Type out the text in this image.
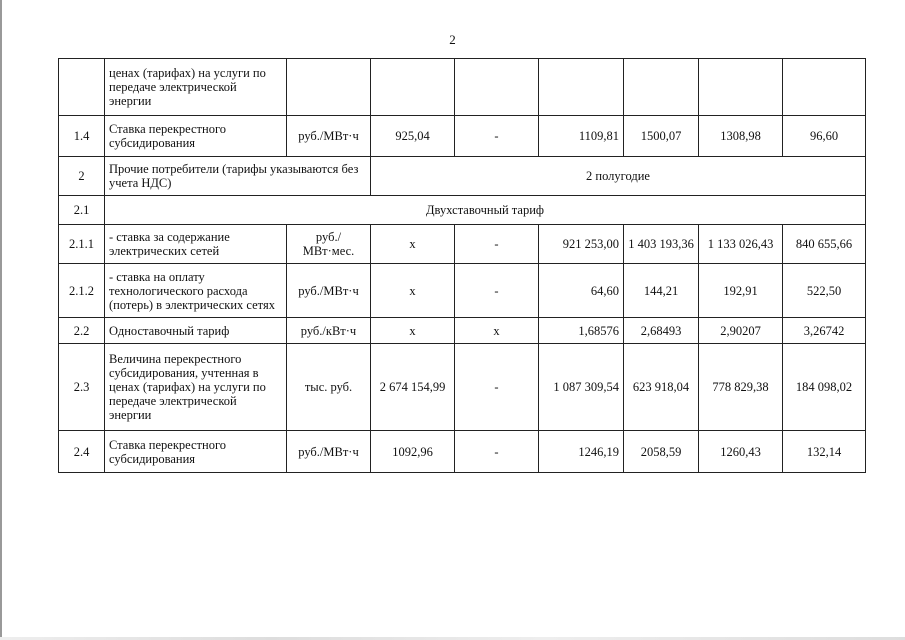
2
	ценах (тарифах) на услуги по передаче электрической энергии							
1.4	Ставка перекрестного субсидирования	руб./МВт·ч	925,04	-	1109,81	1500,07	1308,98	96,60
2	Прочие потребители (тарифы указываются без учета НДС)		2 полугодие					
2.1	Двухставочный тариф							
2.1.1	- ставка за содержание электрических сетей	руб./МВт·мес.	х	-	921 253,00	1 403 193,36	1 133 026,43	840 655,66
2.1.2	- ставка на оплату технологического расхода (потерь) в электрических сетях	руб./МВт·ч	х	-	64,60	144,21	192,91	522,50
2.2	Одноставочный тариф	руб./кВт·ч	х	х	1,68576	2,68493	2,90207	3,26742
2.3	Величина перекрестного субсидирования, учтенная в ценах (тарифах) на услуги по передаче электрической энергии	тыс. руб.	2 674 154,99	-	1 087 309,54	623 918,04	778 829,38	184 098,02
2.4	Ставка перекрестного субсидирования	руб./МВт·ч	1092,96	-	1246,19	2058,59	1260,43	132,14
